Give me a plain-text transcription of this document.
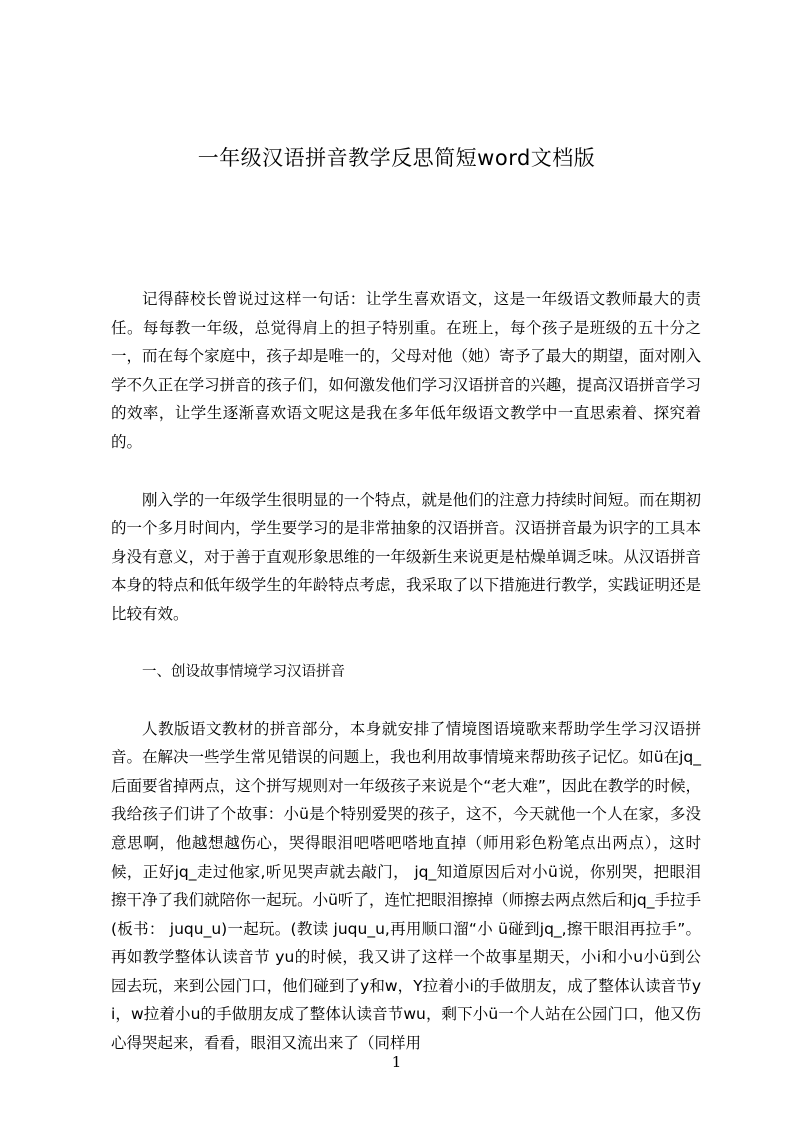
一年级汉语拼音教学反思简短word文档版

记得薛校长曾说过这样一句话：让学生喜欢语文，这是一年级语文教师最大的责任。每每教一年级，总觉得肩上的担子特别重。在班上，每个孩子是班级的五十分之一，而在每个家庭中，孩子却是唯一的，父母对他（她）寄予了最大的期望，面对刚入学不久正在学习拼音的孩子们，如何激发他们学习汉语拼音的兴趣，提高汉语拼音学习的效率，让学生逐渐喜欢语文呢这是我在多年低年级语文教学中一直思索着、探究着的。

刚入学的一年级学生很明显的一个特点，就是他们的注意力持续时间短。而在期初的一个多月时间内，学生要学习的是非常抽象的汉语拼音。汉语拼音最为识字的工具本身没有意义，对于善于直观形象思维的一年级新生来说更是枯燥单调乏味。从汉语拼音本身的特点和低年级学生的年龄特点考虑，我采取了以下措施进行教学，实践证明还是比较有效。

一、创设故事情境学习汉语拼音

人教版语文教材的拼音部分，本身就安排了情境图语境歌来帮助学生学习汉语拼音。在解决一些学生常见错误的问题上，我也利用故事情境来帮助孩子记忆。如ü在jq_后面要省掉两点，这个拼写规则对一年级孩子来说是个“老大难”，因此在教学的时候，我给孩子们讲了个故事：小ü是个特别爱哭的孩子，这不，今天就他一个人在家，多没意思啊，他越想越伤心，哭得眼泪吧嗒吧嗒地直掉（师用彩色粉笔点出两点），这时候，正好jq_走过他家,听见哭声就去敲门， jq_知道原因后对小ü说，你别哭，把眼泪擦干净了我们就陪你一起玩。小ü听了，连忙把眼泪擦掉（师擦去两点然后和jq_手拉手(板书： juqu_u)一起玩。(教读 juqu_u,再用顺口溜“小 ü碰到jq_,擦干眼泪再拉手”。再如教学整体认读音节 yu的时候，我又讲了这样一个故事星期天，小i和小u小ü到公园去玩，来到公园门口，他们碰到了y和w，Y拉着小i的手做朋友，成了整体认读音节yi，w拉着小u的手做朋友成了整体认读音节wu，剩下小ü一个人站在公园门口，他又伤心得哭起来，看看，眼泪又流出来了（同样用

1
